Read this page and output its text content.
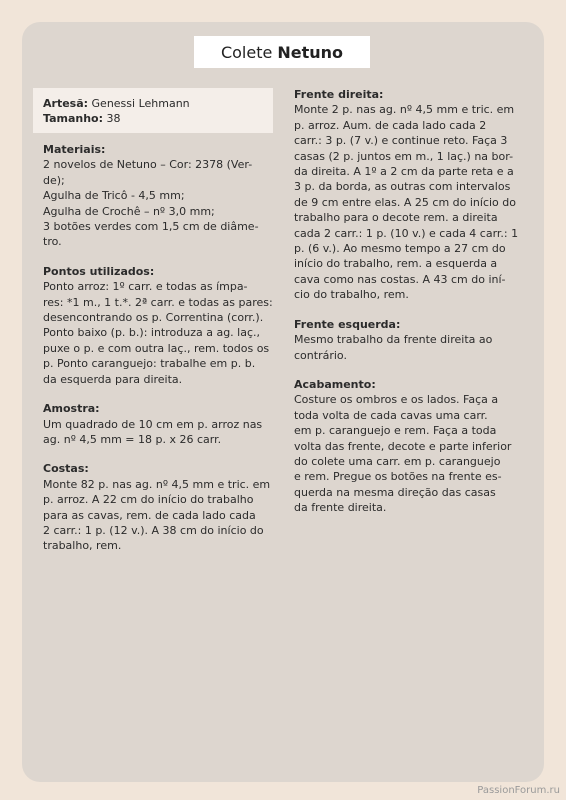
Colete Netuno
Artesã: Genessi Lehmann
Tamanho: 38
Materiais:

2 novelos de Netuno – Cor: 2378 (Ver-

de);

Agulha de Tricô - 4,5 mm;

Agulha de Crochê – nº 3,0 mm;

3 botões verdes com 1,5 cm de diâme-

tro.

Pontos utilizados:

Ponto arroz: 1º carr. e todas as ímpa-

res: *1 m., 1 t.*. 2ª carr. e todas as pares:

desencontrando os p. Correntina (corr.).

Ponto baixo (p. b.): introduza a ag. laç.,

puxe o p. e com outra laç., rem. todos os

p. Ponto caranguejo: trabalhe em p. b.

da esquerda para direita.

Amostra:

Um quadrado de 10 cm em p. arroz nas

ag. nº 4,5 mm = 18 p. x 26 carr.

Costas:

Monte 82 p. nas ag. nº 4,5 mm e tric. em

p. arroz. A 22 cm do início do trabalho

para as cavas, rem. de cada lado cada

2 carr.: 1 p. (12 v.). A 38 cm do início do

trabalho, rem.

Frente direita:

Monte 2 p. nas ag. nº 4,5 mm e tric. em

p. arroz. Aum. de cada lado cada 2

carr.: 3 p. (7 v.) e continue reto. Faça 3

casas (2 p. juntos em m., 1 laç.) na bor-

da direita. A 1º a 2 cm da parte reta e a

3 p. da borda, as outras com intervalos

de 9 cm entre elas. A 25 cm do início do

trabalho para o decote rem. a direita

cada 2 carr.: 1 p. (10 v.) e cada 4 carr.: 1

p. (6 v.). Ao mesmo tempo a 27 cm do

início do trabalho, rem. a esquerda a

cava como nas costas. A 43 cm do iní-

cio do trabalho, rem.

Frente esquerda:

Mesmo trabalho da frente direita ao

contrário.

Acabamento:

Costure os ombros e os lados. Faça a

toda volta de cada cavas uma carr.

em p. caranguejo e rem. Faça a toda

volta das frente, decote e parte inferior

do colete uma carr. em p. caranguejo

e rem. Pregue os botões na frente es-

querda na mesma direção das casas

da frente direita.

PassionForum.ru
